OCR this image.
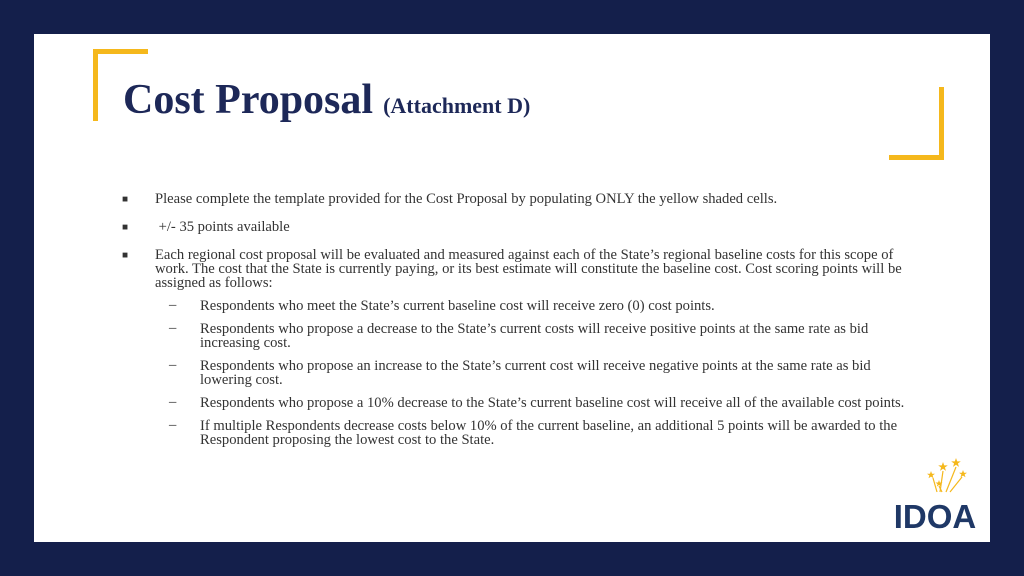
Cost Proposal (Attachment D)
■ Please complete the template provided for the Cost Proposal by populating ONLY the yellow shaded cells.
■ +/- 35 points available
■ Each regional cost proposal will be evaluated and measured against each of the State’s regional baseline costs for this scope of work. The cost that the State is currently paying, or its best estimate will constitute the baseline cost. Cost scoring points will be assigned as follows:
– Respondents who meet the State’s current baseline cost will receive zero (0) cost points.
– Respondents who propose a decrease to the State’s current costs will receive positive points at the same rate as bid increasing cost.
– Respondents who propose an increase to the State’s current cost will receive negative points at the same rate as bid lowering cost.
– Respondents who propose a 10% decrease to the State’s current baseline cost will receive all of the available cost points.
– If multiple Respondents decrease costs below 10% of the current baseline, an additional 5 points will be awarded to the Respondent proposing the lowest cost to the State.
IDOA
